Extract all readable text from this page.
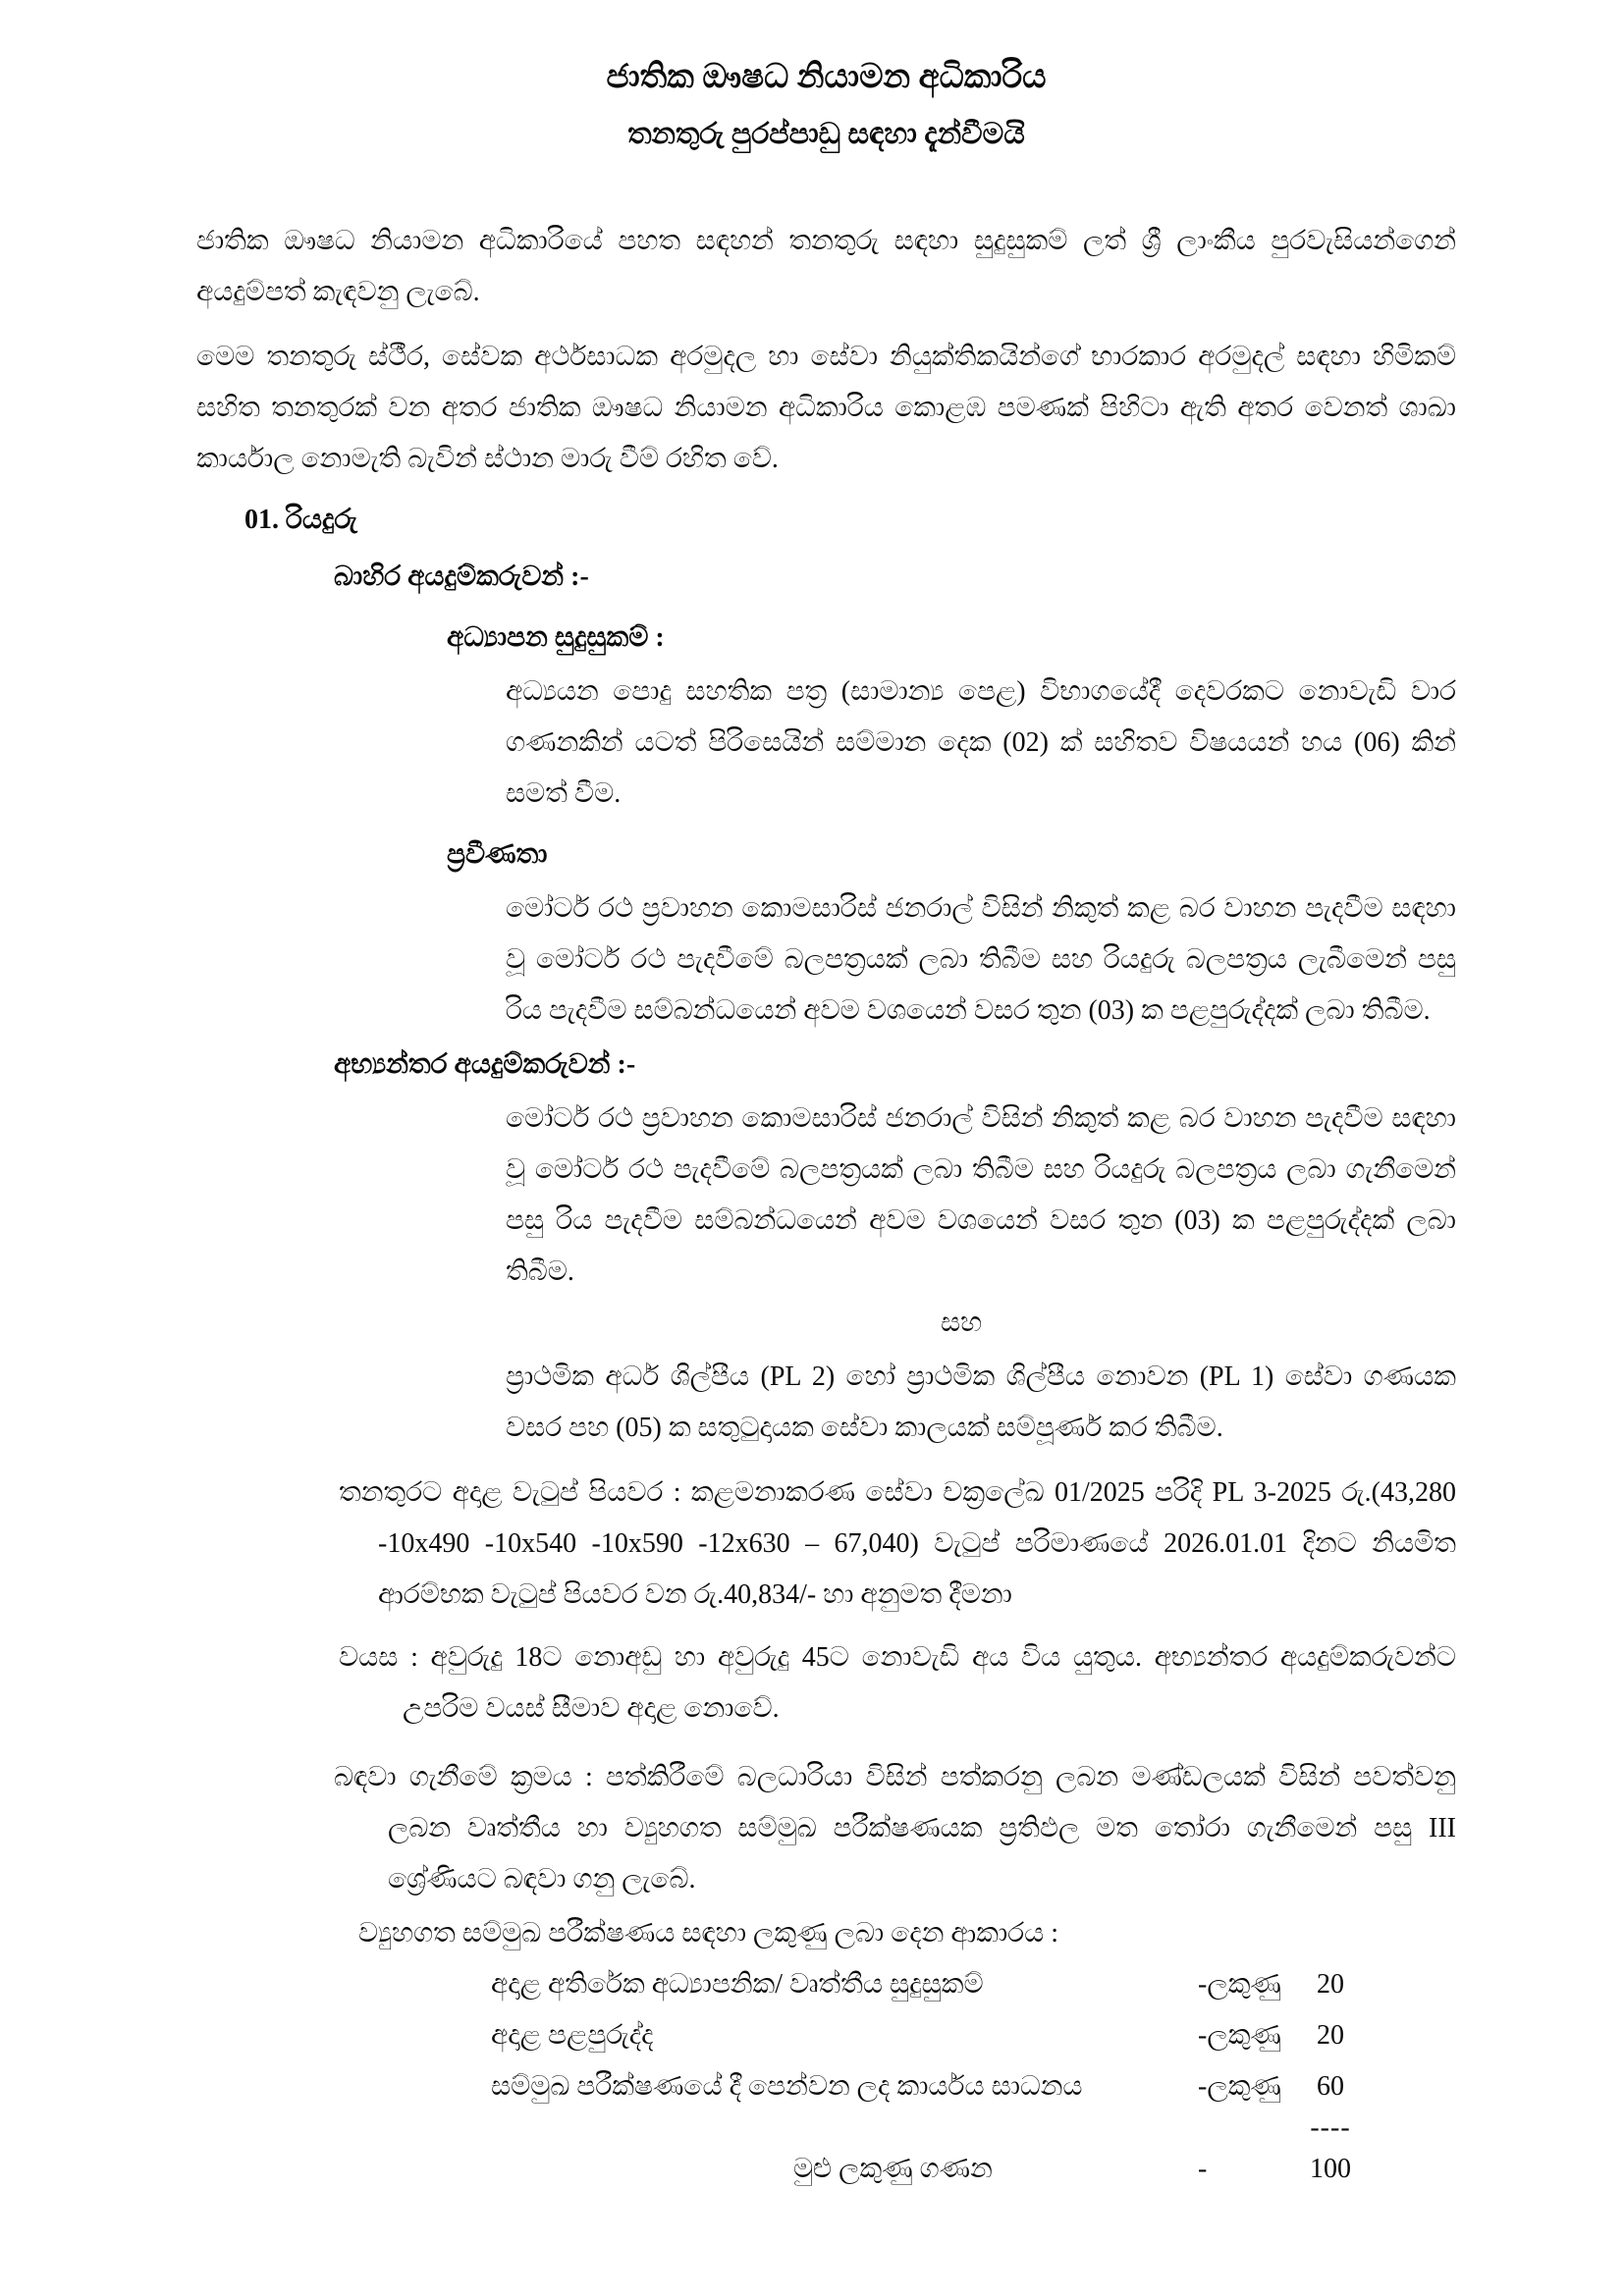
ජාතික ඖෂධ නියාමන අධිකාරිය
තනතුරු පුරප්පාඩු සඳහා දැන්වීමයි

ජාතික ඖෂධ නියාමන අධිකාරියේ පහත සඳහන් තනතුරු සඳහා සුදුසුකම් ලත් ශ්‍රී ලාංකීය පුරවැසියන්ගෙන් අයදුම්පත් කැඳවනු ලැබේ.

මෙම තනතුරු ස්ථීර, සේවක අර්ථසාධක අරමුදල හා සේවා නියුක්තිකයින්ගේ භාරකාර අරමුදල් සඳහා හිමිකම් සහිත තනතුරක් වන අතර ජාතික ඖෂධ නියාමන අධිකාරිය කොළඹ පමණක් පිහිටා ඇති අතර වෙනත් ශාඛා කාර්යාල නොමැති බැවින් ස්ථාන මාරු වීම් රහිත වේ.

01. රියදුරු
බාහිර අයදුම්කරුවන් :-
අධ්‍යාපන සුදුසුකම් :

අධ්‍යයන පොදු සහතික පත්‍ර (සාමාන්‍ය පෙළ) විභාගයේදී දෙවරකට නොවැඩි වාර ගණනකින් යටත් පිරිසෙයින් සම්මාන දෙක (02) ක් සහිතව විෂයයන් හය (06) කින් සමත් වීම.

ප්‍රවීණතා

මෝටර් රථ ප්‍රවාහන කොමසාරිස් ජනරාල් විසින් නිකුත් කළ බර වාහන පැදවීම සඳහා වූ මෝටර් රථ පැදවීමේ බලපත්‍රයක් ලබා තිබීම සහ රියදුරු බලපත්‍රය ලැබීමෙන් පසු රිය පැදවීම සම්බන්ධයෙන් අවම වශයෙන් වසර තුන (03) ක පළපුරුද්දක් ලබා තිබීම.

අභ්‍යන්තර අයදුම්කරුවන් :-

මෝටර් රථ ප්‍රවාහන කොමසාරිස් ජනරාල් විසින් නිකුත් කළ බර වාහන පැදවීම සඳහා වූ මෝටර් රථ පැදවීමේ බලපත්‍රයක් ලබා තිබීම සහ රියදුරු බලපත්‍රය ලබා ගැනීමෙන් පසු රිය පැදවීම සම්බන්ධයෙන් අවම වශයෙන් වසර තුන (03) ක පළපුරුද්දක් ලබා තිබීම.

සහ

ප්‍රාථමික අර්ධ ශිල්පීය (PL 2) හෝ ප්‍රාථමික ශිල්පීය නොවන (PL 1) සේවා ගණයක වසර පහ (05) ක සතුටුදායක සේවා කාලයක් සම්පූර්ණ කර තිබීම.

තනතුරට අදාළ වැටුප් පියවර : කළමනාකරණ සේවා චක්‍රලේඛ 01/2025 පරිදි PL 3-2025 රු.(43,280 -10x490 -10x540 -10x590 -12x630 – 67,040) වැටුප් පරිමාණයේ 2026.01.01 දිනට නියමිත ආරම්භක වැටුප් පියවර වන රු.40,834/- හා අනුමත දීමනා

වයස : අවුරුදු 18ට නොඅඩු හා අවුරුදු 45ට නොවැඩි අය විය යුතුය. අභ්‍යන්තර අයදුම්කරුවන්ට උපරිම වයස් සීමාව අදාළ නොවේ.

බඳවා ගැනීමේ ක්‍රමය : පත්කිරීමේ බලධාරියා විසින් පත්කරනු ලබන මණ්ඩලයක් විසින් පවත්වනු ලබන වෘත්තීය හා ව්‍යුහගත සම්මුඛ පරීක්ෂණයක ප්‍රතිඵල මත තෝරා ගැනීමෙන් පසු III ශ්‍රේණියට බඳවා ගනු ලැබේ.

ව්‍යුහගත සම්මුඛ පරීක්ෂණය සඳහා ලකුණු ලබා දෙන ආකාරය :
අදාළ අතිරේක අධ්‍යාපනික/ වෘත්තීය සුදුසුකම්	-ලකුණු	20
අදාළ පළපුරුද්ද	-ලකුණු	20
සම්මුඛ පරීක්ෂණයේ දී පෙන්වන ලද කාර්යය සාධනය	-ලකුණු	60
----
මුළු ලකුණු ගණන	-	100
